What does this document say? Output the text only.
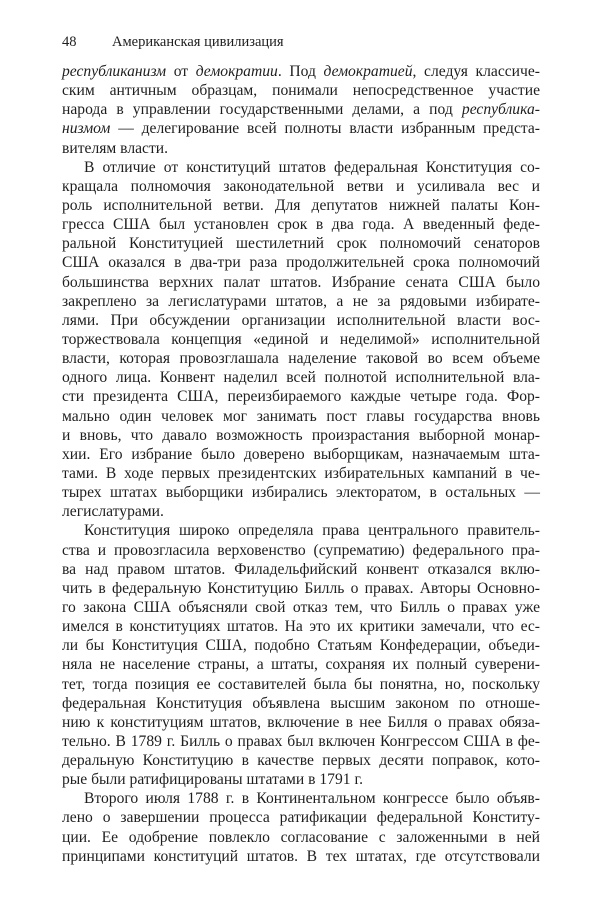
48 Американская цивилизация
республиканизм от демократии. Под демократией, следуя классиче-
ским античным образцам, понимали непосредственное участие
народа в управлении государственными делами, а под республика-
низмом — делегирование всей полноты власти избранным предста-
вителям власти.
В отличие от конституций штатов федеральная Конституция со-
кращала полномочия законодательной ветви и усиливала вес и
роль исполнительной ветви. Для депутатов нижней палаты Кон-
гресса США был установлен срок в два года. А введенный феде-
ральной Конституцией шестилетний срок полномочий сенаторов
США оказался в два-три раза продолжительней срока полномочий
большинства верхних палат штатов. Избрание сената США было
закреплено за легислатурами штатов, а не за рядовыми избирате-
лями. При обсуждении организации исполнительной власти вос-
торжествовала концепция «единой и неделимой» исполнительной
власти, которая провозглашала наделение таковой во всем объеме
одного лица. Конвент наделил всей полнотой исполнительной вла-
сти президента США, переизбираемого каждые четыре года. Фор-
мально один человек мог занимать пост главы государства вновь
и вновь, что давало возможность произрастания выборной монар-
хии. Его избрание было доверено выборщикам, назначаемым шта-
тами. В ходе первых президентских избирательных кампаний в че-
тырех штатах выборщики избирались электоратом, в остальных —
легислатурами.
Конституция широко определяла права центрального правитель-
ства и провозгласила верховенство (супрематию) федерального пра-
ва над правом штатов. Филадельфийский конвент отказался вклю-
чить в федеральную Конституцию Билль о правах. Авторы Основно-
го закона США объясняли свой отказ тем, что Билль о правах уже
имелся в конституциях штатов. На это их критики замечали, что ес-
ли бы Конституция США, подобно Статьям Конфедерации, объеди-
няла не население страны, а штаты, сохраняя их полный суверени-
тет, тогда позиция ее составителей была бы понятна, но, поскольку
федеральная Конституция объявлена высшим законом по отноше-
нию к конституциям штатов, включение в нее Билля о правах обяза-
тельно. В 1789 г. Билль о правах был включен Конгрессом США в фе-
деральную Конституцию в качестве первых десяти поправок, кото-
рые были ратифицированы штатами в 1791 г.
Второго июля 1788 г. в Континентальном конгрессе было объяв-
лено о завершении процесса ратификации федеральной Конститу-
ции. Ее одобрение повлекло согласование с заложенными в ней
принципами конституций штатов. В тех штатах, где отсутствовали
